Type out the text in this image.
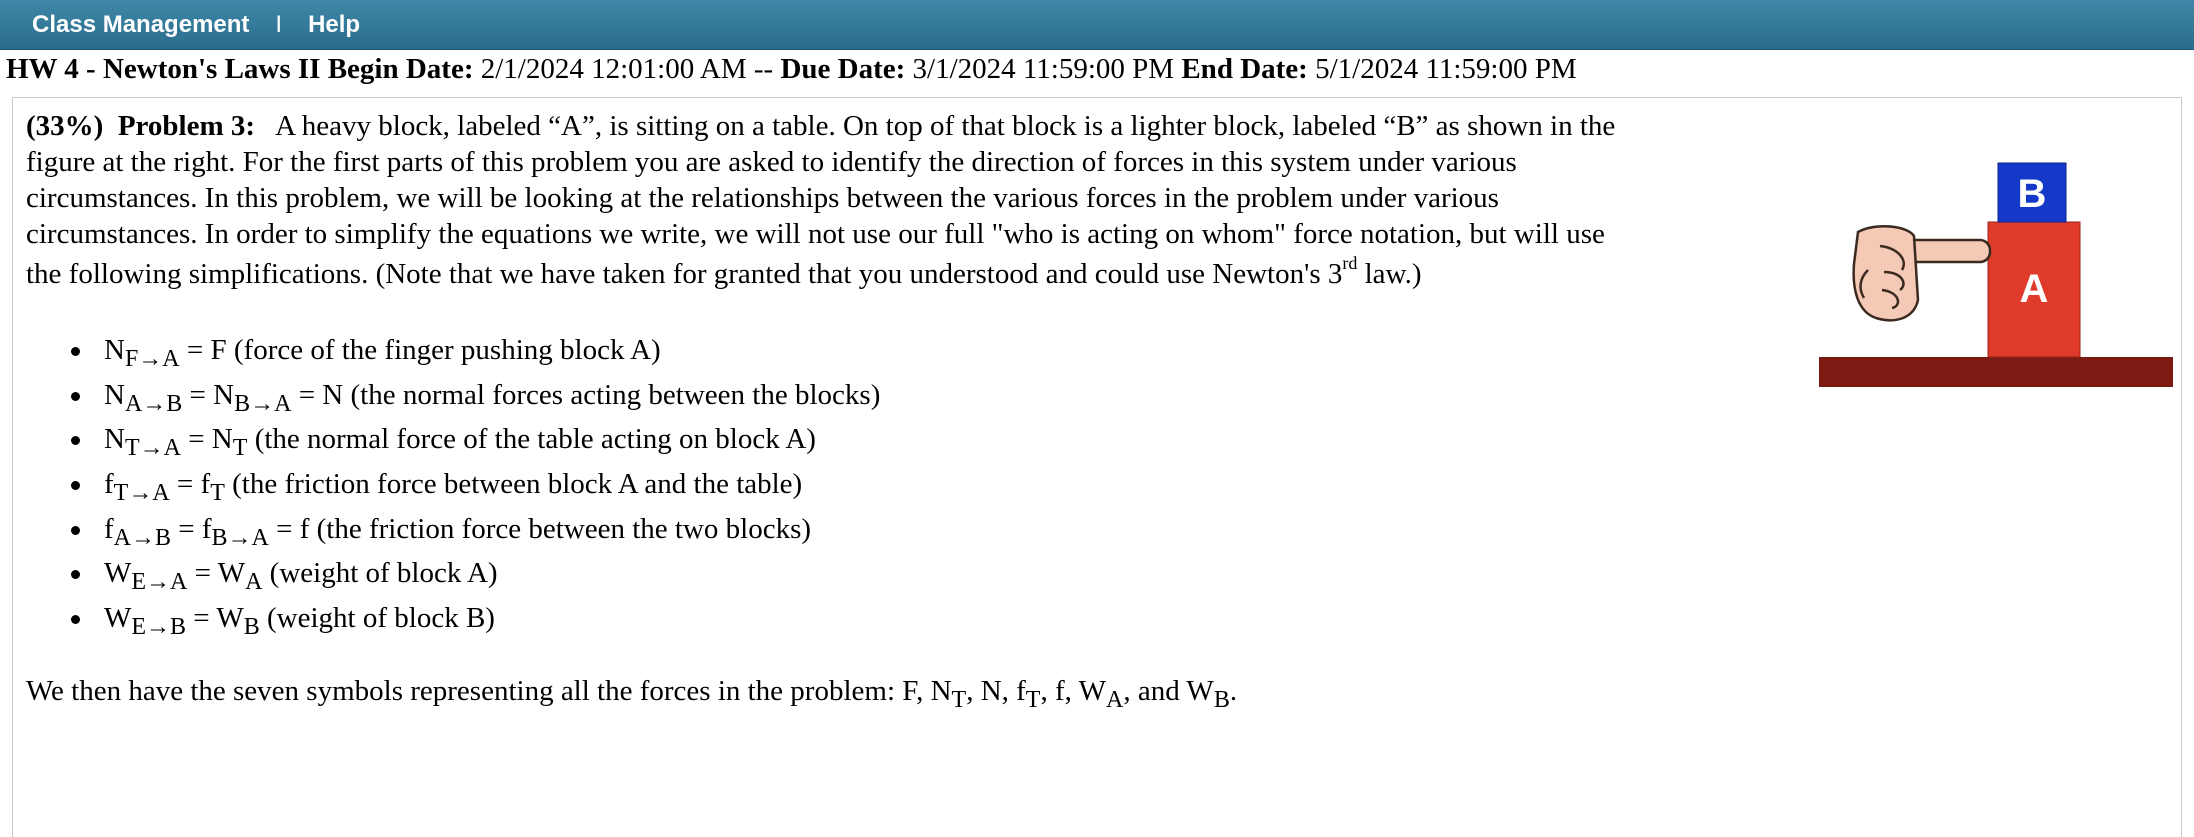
Class Management I Help
HW 4 - Newton's Laws II Begin Date: 2/1/2024 12:01:00 AM -- Due Date: 3/1/2024 11:59:00 PM End Date: 5/1/2024 11:59:00 PM

(33%) Problem 3: A heavy block, labeled “A”, is sitting on a table. On top of that block is a lighter block, labeled “B” as shown in the

figure at the right. For the first parts of this problem you are asked to identify the direction of forces in this system under various

circumstances. In this problem, we will be looking at the relationships between the various forces in the problem under various

circumstances. In order to simplify the equations we write, we will not use our full "who is acting on whom" force notation, but will use

the following simplifications. (Note that we have taken for granted that you understood and could use Newton's 3rd law.)

$N_{F\to A} = F$ (force of the finger pushing block A)
$N_{A\to B} = N_{B\to A} = N$ (the normal forces acting between the blocks)
$N_{T\to A} = N_T$ (the normal force of the table acting on block A)
$f_{T\to A} = f_T$ (the friction force between block A and the table)
$f_{A\to B} = f_{B\to A} = f$ (the friction force between the two blocks)
$W_{E\to A} = W_A$ (weight of block A)
$W_{E\to B} = W_B$ (weight of block B)
We then have the seven symbols representing all the forces in the problem: F, $N_T$, N, $f_T$, f, $W_A$, and $W_B$.
A
B
